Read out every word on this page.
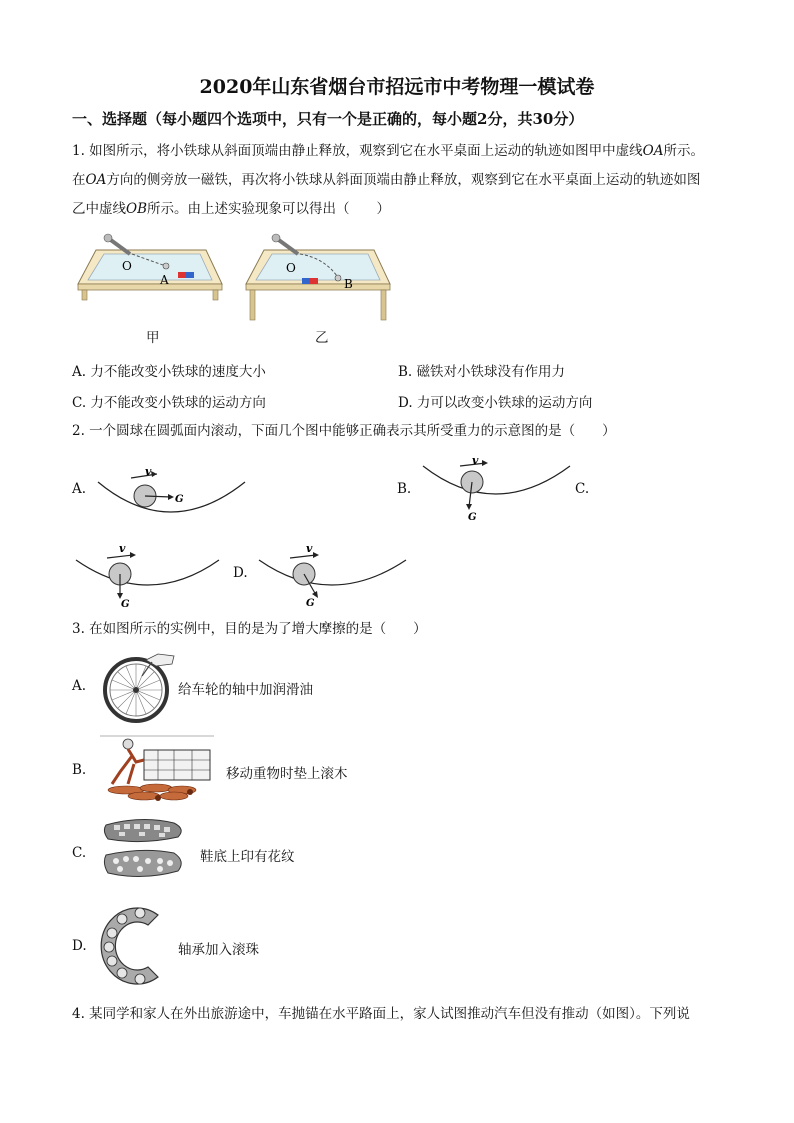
2020年山东省烟台市招远市中考物理一模试卷
一、选择题（每小题四个选项中，只有一个是正确的，每小题2分，共30分）
1. 如图所示，将小铁球从斜面顶端由静止释放，观察到它在水平桌面上运动的轨迹如图甲中虚线OA所示。
在OA方向的侧旁放一磁铁，再次将小铁球从斜面顶端由静止释放，观察到它在水平桌面上运动的轨迹如图
乙中虚线OB所示。由上述实验现象可以得出（　　）
O
A
甲
O
B
乙
A. 力不能改变小铁球的速度大小	B. 磁铁对小铁球没有作用力
C. 力不能改变小铁球的运动方向	D. 力可以改变小铁球的运动方向
2. 一个圆球在圆弧面内滚动，下面几个图中能够正确表示其所受重力的示意图的是（　　）
A.
v
G
B.
v
G
C.
v
G
D.
v
G
3. 在如图所示的实例中，目的是为了增大摩擦的是（　　）
A.	给车轮的轴中加润滑油
B.	移动重物时垫上滚木
C.	鞋底上印有花纹
D.	轴承加入滚珠
4. 某同学和家人在外出旅游途中，车抛锚在水平路面上，家人试图推动汽车但没有推动（如图）。下列说
